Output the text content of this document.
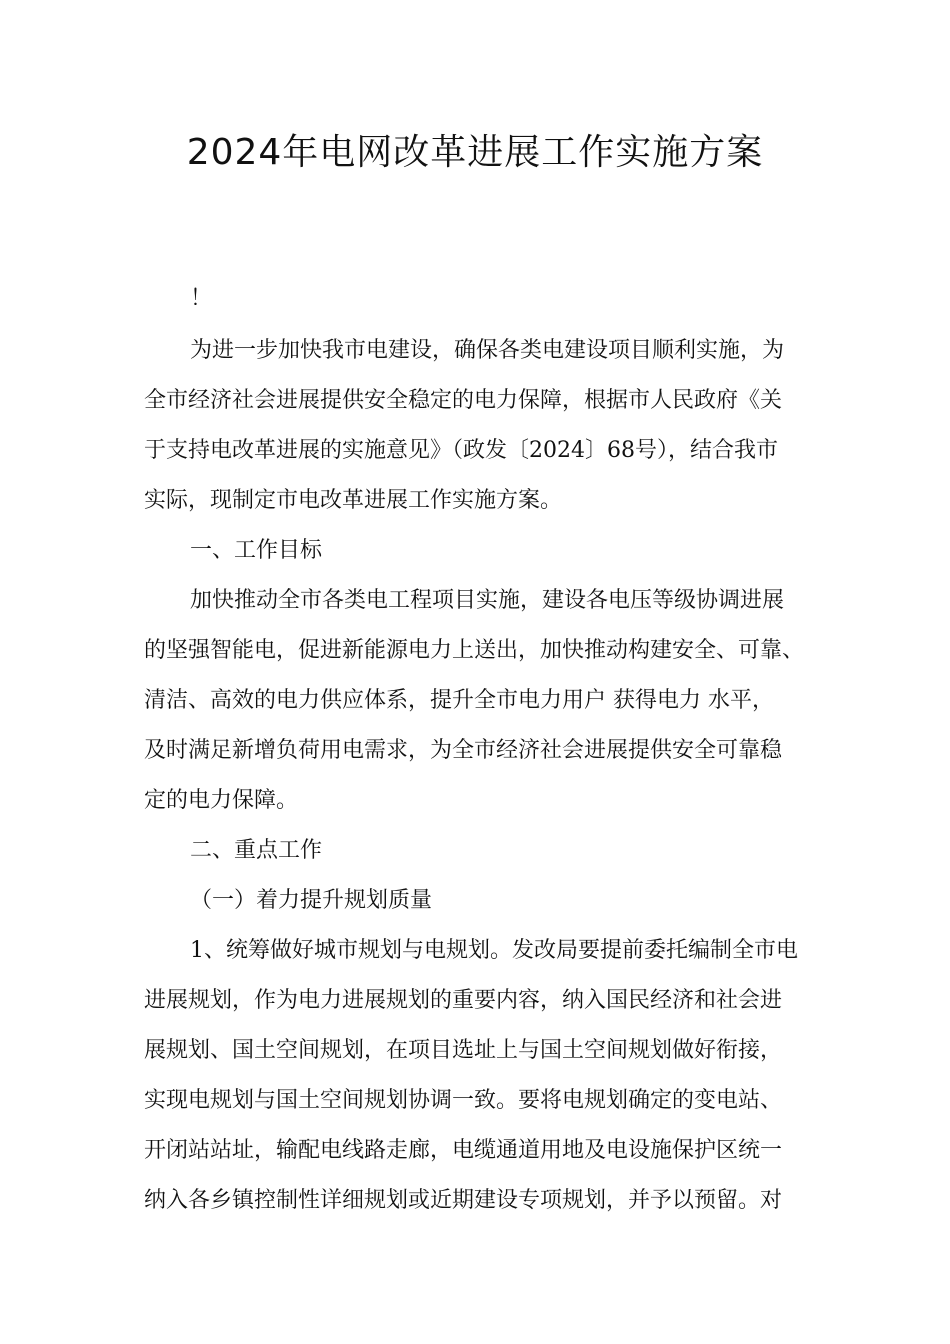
2024年电网改革进展工作实施方案
！
为进一步加快我市电建设，确保各类电建设项目顺利实施，为
全市经济社会进展提供安全稳定的电力保障，根据市人民政府《关
于支持电改革进展的实施意见》（政发〔2024〕68号），结合我市
实际，现制定市电改革进展工作实施方案。
一、工作目标
加快推动全市各类电工程项目实施，建设各电压等级协调进展
的坚强智能电，促进新能源电力上送出，加快推动构建安全、可靠、
清洁、高效的电力供应体系，提升全市电力用户 获得电力 水平，
及时满足新增负荷用电需求，为全市经济社会进展提供安全可靠稳
定的电力保障。
二、重点工作
（一）着力提升规划质量
1、统筹做好城市规划与电规划。发改局要提前委托编制全市电
进展规划，作为电力进展规划的重要内容，纳入国民经济和社会进
展规划、国土空间规划，在项目选址上与国土空间规划做好衔接，
实现电规划与国土空间规划协调一致。要将电规划确定的变电站、
开闭站站址，输配电线路走廊，电缆通道用地及电设施保护区统一
纳入各乡镇控制性详细规划或近期建设专项规划，并予以预留。对
